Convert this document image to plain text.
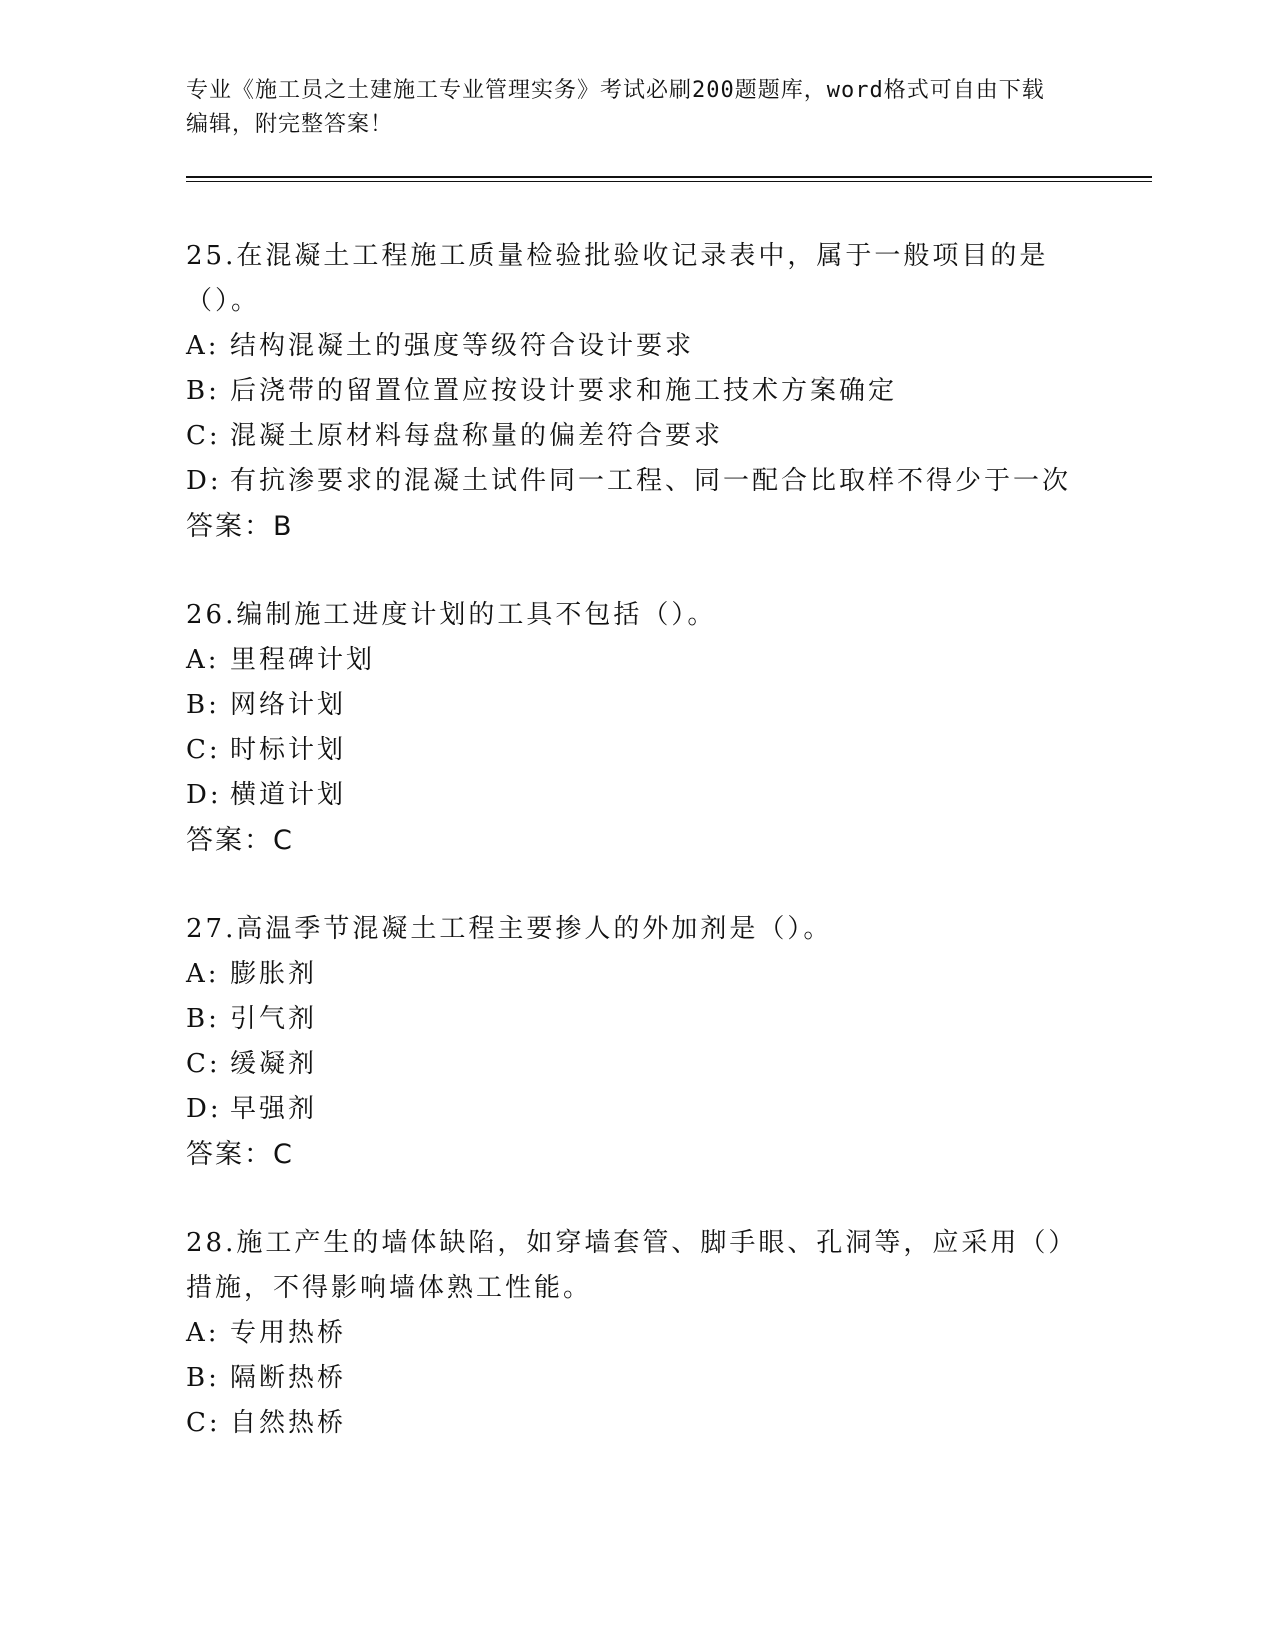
专业《施工员之土建施工专业管理实务》考试必刷200题题库，word格式可自由下载编辑，附完整答案！
25.在混凝土工程施工质量检验批验收记录表中，属于一般项目的是（）。
A: 结构混凝土的强度等级符合设计要求
B: 后浇带的留置位置应按设计要求和施工技术方案确定
C: 混凝土原材料每盘称量的偏差符合要求
D: 有抗渗要求的混凝土试件同一工程、同一配合比取样不得少于一次
答案：B
26.编制施工进度计划的工具不包括（）。
A: 里程碑计划
B: 网络计划
C: 时标计划
D: 横道计划
答案：C
27.高温季节混凝土工程主要掺人的外加剂是（）。
A: 膨胀剂
B: 引气剂
C: 缓凝剂
D: 早强剂
答案：C
28.施工产生的墙体缺陷，如穿墙套管、脚手眼、孔洞等，应采用（）措施，不得影响墙体熟工性能。
A: 专用热桥
B: 隔断热桥
C: 自然热桥
